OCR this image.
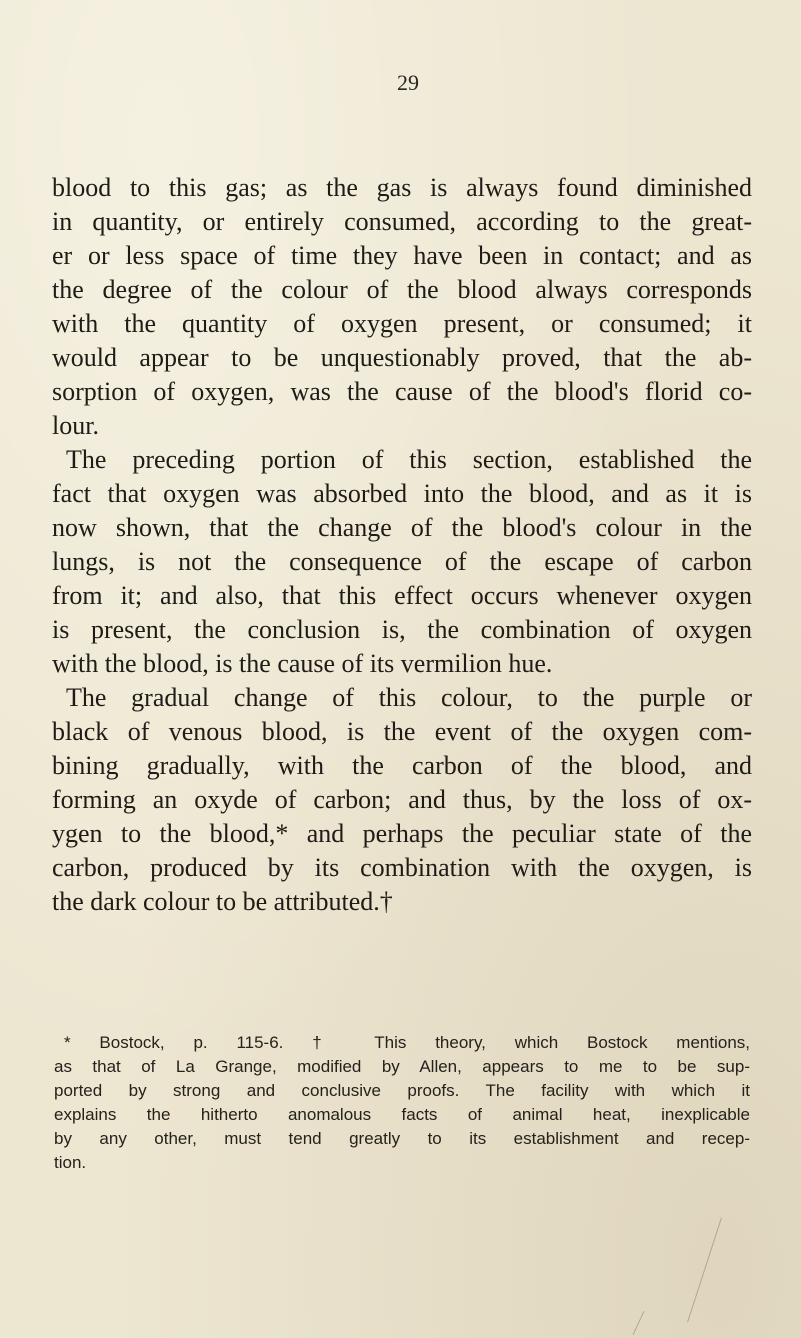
29

blood to this gas; as the gas is always found diminished
in quantity, or entirely consumed, according to the great-
er or less space of time they have been in contact; and as
the degree of the colour of the blood always corresponds
with the quantity of oxygen present, or consumed; it
would appear to be unquestionably proved, that the ab-
sorption of oxygen, was the cause of the blood's florid co-
lour.
The preceding portion of this section, established the
fact that oxygen was absorbed into the blood, and as it is
now shown, that the change of the blood's colour in the
lungs, is not the consequence of the escape of carbon
from it; and also, that this effect occurs whenever oxygen
is present, the conclusion is, the combination of oxygen
with the blood, is the cause of its vermilion hue.
The gradual change of this colour, to the purple or
black of venous blood, is the event of the oxygen com-
bining gradually, with the carbon of the blood, and
forming an oxyde of carbon; and thus, by the loss of ox-
ygen to the blood,* and perhaps the peculiar state of the
carbon, produced by its combination with the oxygen, is
the dark colour to be attributed.†
* Bostock, p. 115-6. † This theory, which Bostock mentions,
as that of La Grange, modified by Allen, appears to me to be sup-
ported by strong and conclusive proofs. The facility with which it
explains the hitherto anomalous facts of animal heat, inexplicable
by any other, must tend greatly to its establishment and recep-
tion.
